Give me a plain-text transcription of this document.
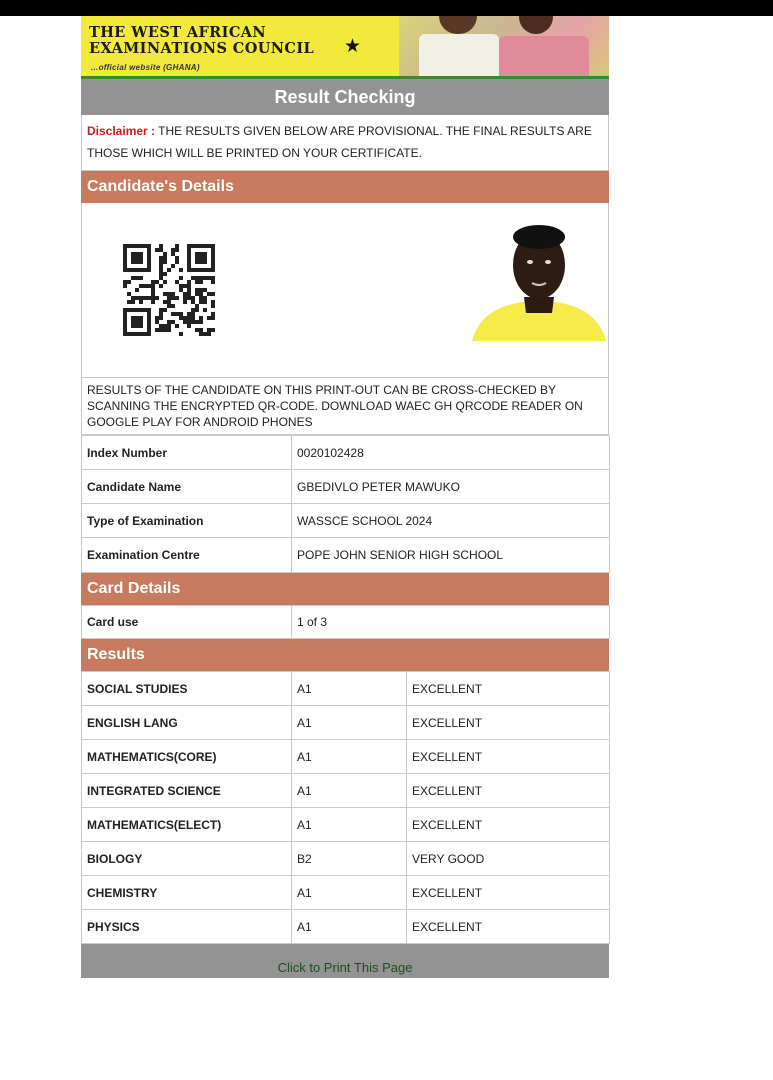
THE WEST AFRICAN
EXAMINATIONS COUNCIL
...official website (GHANA)
★
Result Checking
Disclaimer : THE RESULTS GIVEN BELOW ARE PROVISIONAL. THE FINAL RESULTS ARE THOSE WHICH WILL BE PRINTED ON YOUR CERTIFICATE.
Candidate's Details
RESULTS OF THE CANDIDATE ON THIS PRINT-OUT CAN BE CROSS-CHECKED BY SCANNING THE ENCRYPTED QR-CODE. DOWNLOAD WAEC GH QRCODE READER ON GOOGLE PLAY FOR ANDROID PHONES
Index Number	0020102428
Candidate Name	GBEDIVLO PETER MAWUKO
Type of Examination	WASSCE SCHOOL 2024
Examination Centre	POPE JOHN SENIOR HIGH SCHOOL
Card Details
Card use	1 of 3
Results
SOCIAL STUDIES	A1	EXCELLENT
ENGLISH LANG	A1	EXCELLENT
MATHEMATICS(CORE)	A1	EXCELLENT
INTEGRATED SCIENCE	A1	EXCELLENT
MATHEMATICS(ELECT)	A1	EXCELLENT
BIOLOGY	B2	VERY GOOD
CHEMISTRY	A1	EXCELLENT
PHYSICS	A1	EXCELLENT
Click to Print This Page
